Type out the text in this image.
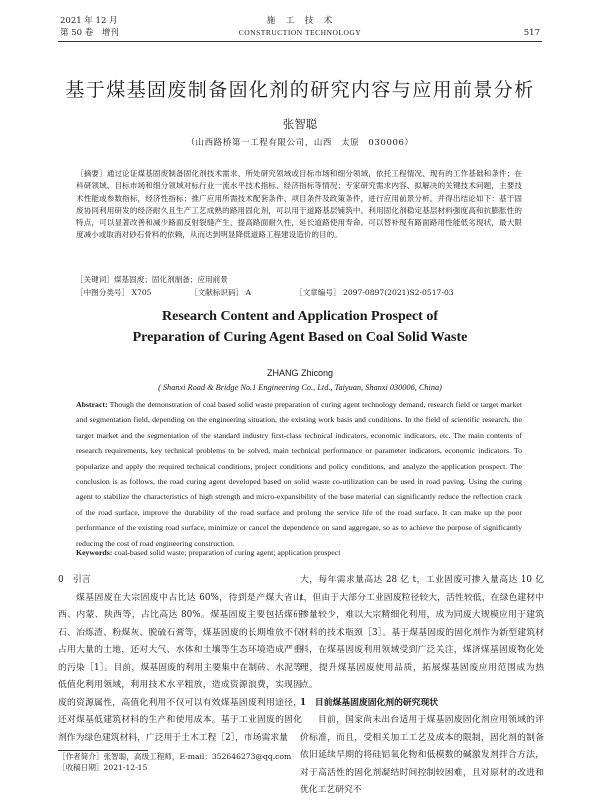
2021 年 12 月
第 50 卷　增刊
施　工　技　术
CONSTRUCTION TECHNOLOGY	517
基于煤基固废制备固化剂的研究内容与应用前景分析
张智聪
（山西路桥第一工程有限公司，山西　太原　030006）
［摘要］通过论证煤基固废制备固化剂技术需求、所处研究领域或目标市场和细分领域，依托工程情况、现有的工作基础和条件；在科研领域、目标市场和细分领域对标行业一流水平技术指标、经济指标等情况；专家研究需求内容、拟解决的关键技术问题，主要技术性能或参数指标，经济性指标；推广应用所需技术配套条件、项目条件及政策条件，进行应用前景分析。并得出结论如下：基于固废协同利用研发的经济耐久且生产工艺成熟的路用固化剂，可以用于道路基层铺筑中。利用固化剂稳定基层材料强度高和抗膨胀性的特点，可以显著改善和减少路面反射裂缝产生，提高路面耐久性，延长道路使用寿命。可以替补现有路面路用性能低劣现状，最大限度减小或取消对砂石骨料的依赖，从而达到明显降低道路工程建设造价的目的。
［关键词］煤基固废；固化剂制备；应用前景
［中图分类号］ X705	［文献标识码］ A	［文章编号］ 2097-0897(2021)S2-0517-03
Research Content and Application Prospect of
Preparation of Curing Agent Based on Coal Solid Waste
ZHANG Zhicong
( Shanxi Road & Bridge No.1 Engineering Co., Ltd., Taiyuan, Shanxi 030006, China)
Abstract: Though the demonstration of coal based solid waste preparation of curing agent technology demand, research field or target market and segmentation field, depending on the engineering situation, the existing work basis and conditions. In the field of scientific research, the target market and the segmentation of the standard industry first-class technical indicators, economic indicators, etc. The main contents of research requirements, key technical problems to be solved, main technical performance or parameter indicators, economic indicators. To popularize and apply the required technical conditions, project conditions and policy conditions, and analyze the application prospect. The conclusion is as follows, the road curing agent developed based on solid waste co-utilization can be used in road paving. Using the curing agent to stabilize the characteristics of high strength and micro-expansibility of the base material can significantly reduce the reflection crack of the road surface, improve the durability of the road surface and prolong the service life of the road surface. It can make up the poor performance of the existing road surface, minimize or cancel the dependence on sand aggregate, so as to achieve the purpose of significantly reducing the cost of road engineering construction.
Keywords: coal-based solid waste; preparation of curing agent; application prospect
0　引言
煤基固废在大宗固废中占比达 60%，待到是产煤大省山西、内蒙、陕西等，占比高达 80%。煤基固废主要包括煤矸石、冶炼渣、粉煤灰、脱硫石膏等，煤基固废的长期堆放不仅占用大量的土地，还对大气、水体和土壤等生态环境造成严重的污染［1］。目前，煤基固废的利用主要集中在制砖、水泥等低值化利用领域，利用技术水平粗放，造成资源浪费，实现固废的资源属性，高值化利用不仅可以有效煤基固废利用途径，还对煤基低建筑材料的生产和使用成本。基于工业固废的固化剂作为绿色建筑材料，广泛用于土木工程［2］，市场需求量
大，每年需求量高达 28 亿 t，工业固废可掺入量高达 10 亿 t，但由于大部分工业固废粒径较大，活性较低，在绿色建材中掺量较少，难以大宗精细化利用，成为同废大规模应用于建筑材料的技术瓶颈［3］。基于煤基固废的固化剂作为新型建筑材料，在煤基固废利用领域受到广泛关注，煤济煤基固废物化处理，提升煤基固废使用品质，拓展煤基固废应用范围成为热点。
1　目前煤基固废固化剂的研究现状
目前，国家尚未出台适用于煤基固废固化剂应用领域的评价标准，而且，受相关加工工艺及成本的限制，固化剂的制备依旧延续早期的将硅铝氧化物和低模数的碱激发剂拌合方法，对于高活性的固化剂凝结时间控制较困难，且对原材的改进和优化工艺研究不
［作者简介］张智聪，高级工程师，E-mail：352646273@qq.com
［收稿日期］2021-12-15
